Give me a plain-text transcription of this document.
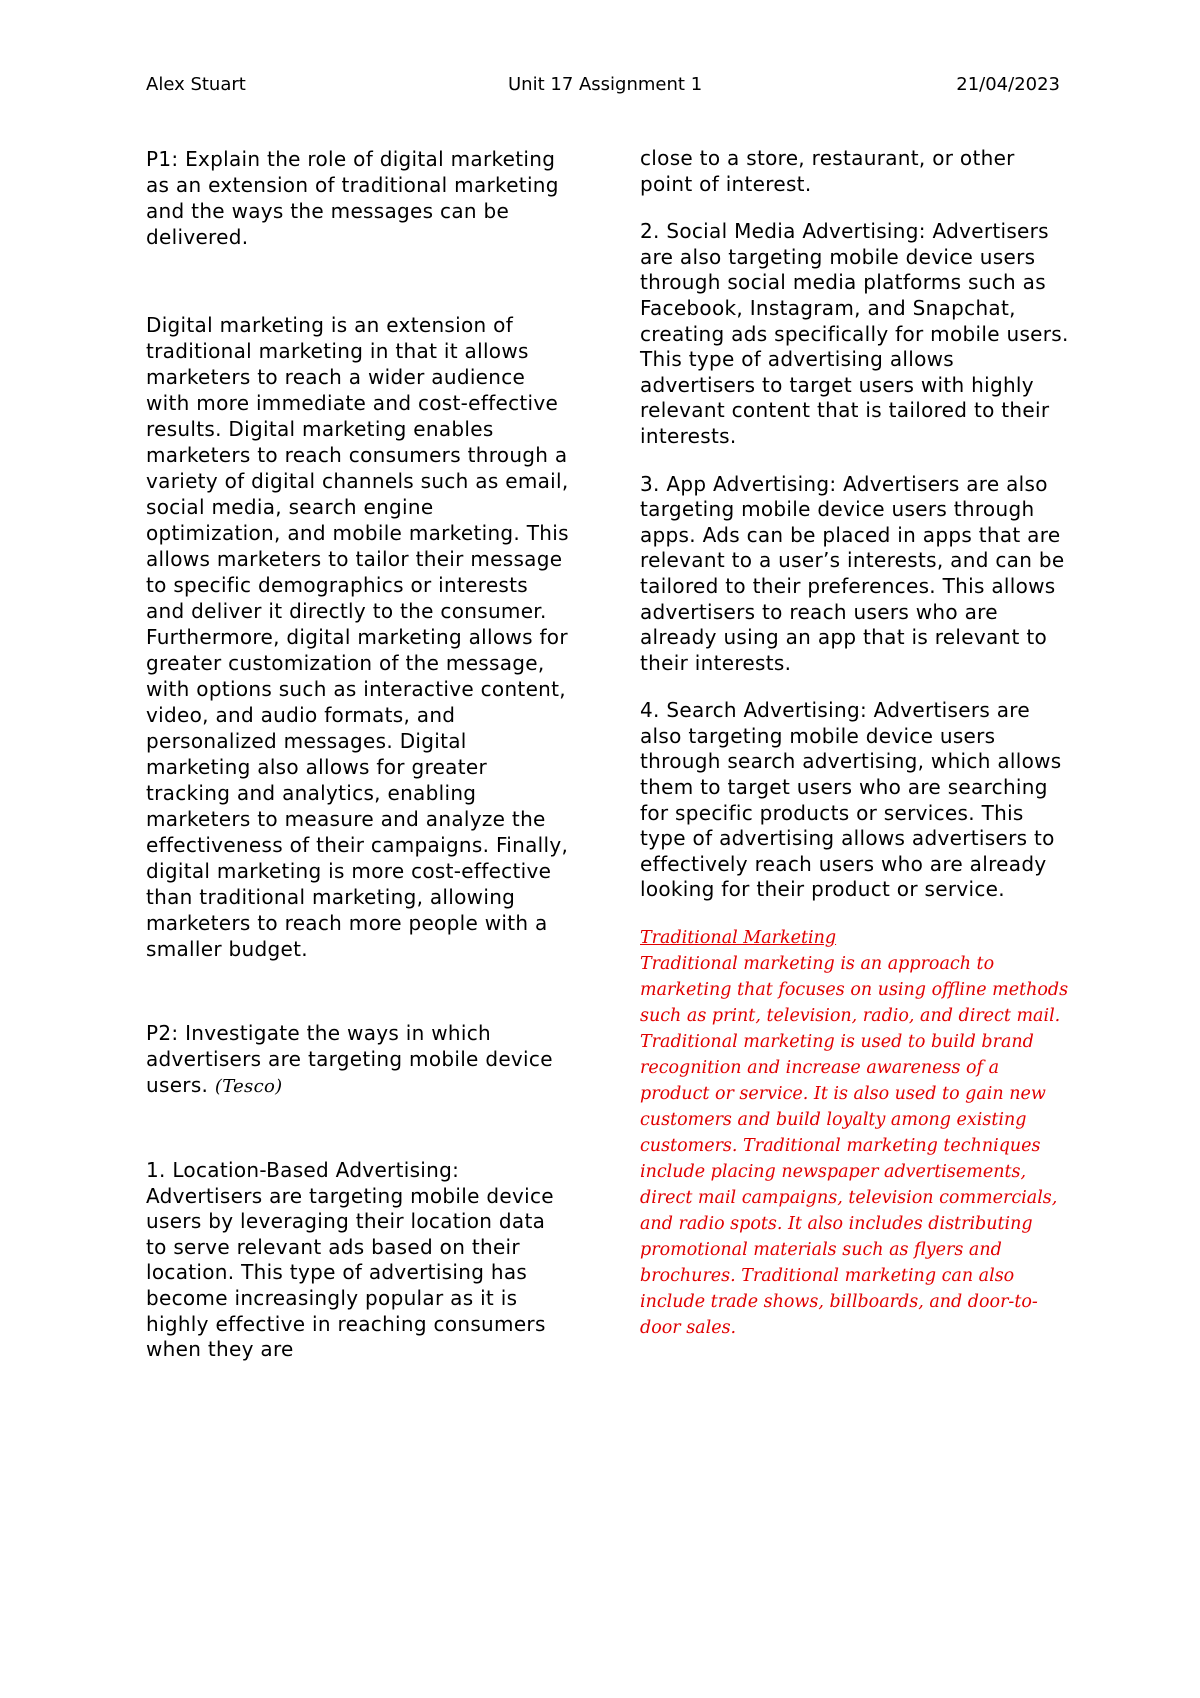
Alex Stuart	Unit 17 Assignment 1	21/04/2023

P1: Explain the role of digital marketing as an extension of traditional marketing and the ways the messages can be delivered.

Digital marketing is an extension of traditional marketing in that it allows marketers to reach a wider audience with more immediate and cost-effective results. Digital marketing enables marketers to reach consumers through a variety of digital channels such as email, social media, search engine optimization, and mobile marketing. This allows marketers to tailor their message to specific demographics or interests and deliver it directly to the consumer. Furthermore, digital marketing allows for greater customization of the message, with options such as interactive content, video, and audio formats, and personalized messages. Digital marketing also allows for greater tracking and analytics, enabling marketers to measure and analyze the effectiveness of their campaigns. Finally, digital marketing is more cost-effective than traditional marketing, allowing marketers to reach more people with a smaller budget.

P2: Investigate the ways in which advertisers are targeting mobile device users. (Tesco)

1. Location-Based Advertising: Advertisers are targeting mobile device users by leveraging their location data to serve relevant ads based on their location. This type of advertising has become increasingly popular as it is highly effective in reaching consumers when they are

close to a store, restaurant, or other point of interest.

2. Social Media Advertising: Advertisers are also targeting mobile device users through social media platforms such as Facebook, Instagram, and Snapchat, creating ads specifically for mobile users. This type of advertising allows advertisers to target users with highly relevant content that is tailored to their interests.

3. App Advertising: Advertisers are also targeting mobile device users through apps. Ads can be placed in apps that are relevant to a user’s interests, and can be tailored to their preferences. This allows advertisers to reach users who are already using an app that is relevant to their interests.

4. Search Advertising: Advertisers are also targeting mobile device users through search advertising, which allows them to target users who are searching for specific products or services. This type of advertising allows advertisers to effectively reach users who are already looking for their product or service.

Traditional Marketing
Traditional marketing is an approach to marketing that focuses on using offline methods such as print, television, radio, and direct mail. Traditional marketing is used to build brand recognition and increase awareness of a product or service. It is also used to gain new customers and build loyalty among existing customers. Traditional marketing techniques include placing newspaper advertisements, direct mail campaigns, television commercials, and radio spots. It also includes distributing promotional materials such as flyers and brochures. Traditional marketing can also include trade shows, billboards, and door-to-door sales.
